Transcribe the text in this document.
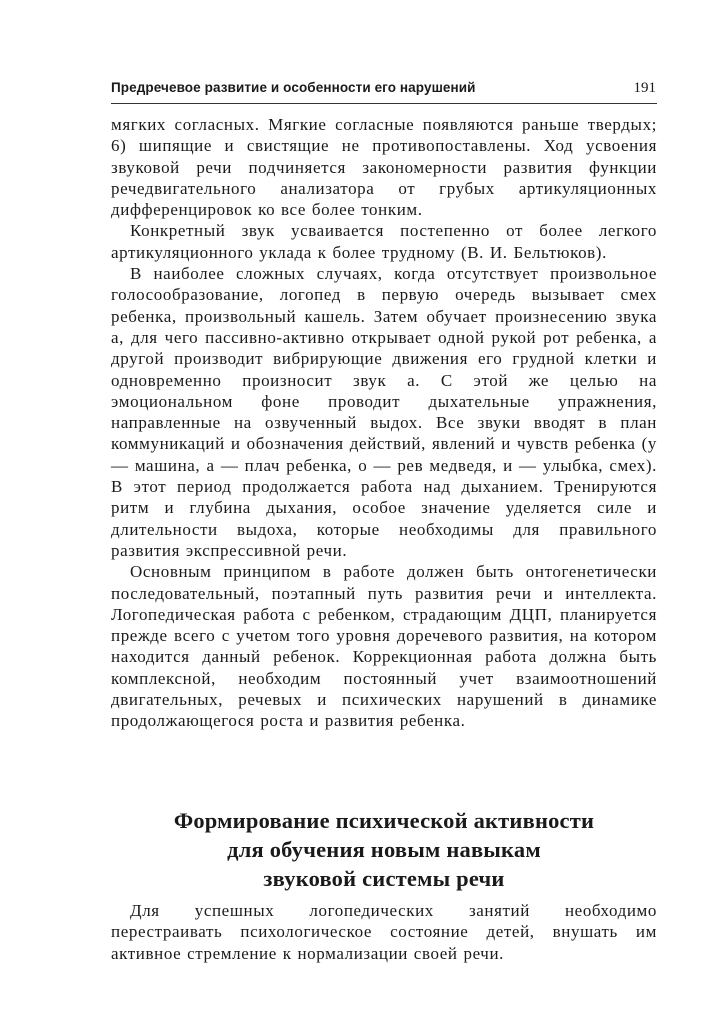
Предречевое развитие и особенности его нарушений	191

мягких согласных. Мягкие согласные появляются раньше твердых; 6) шипящие и свистящие не противопоставлены. Ход усвоения звуковой речи подчиняется закономерности развития функции речедвигательного анализатора от грубых артикуляционных дифференцировок ко все более тонким.

Конкретный звук усваивается постепенно от более легкого артикуляционного уклада к более трудному (В. И. Бельтюков).

В наиболее сложных случаях, когда отсутствует произвольное голосообразование, логопед в первую очередь вызывает смех ребенка, произвольный кашель. Затем обучает произнесению звука а, для чего пассивно-активно открывает одной рукой рот ребенка, а другой производит вибрирующие движения его грудной клетки и одновременно произносит звук а. С этой же целью на эмоциональном фоне проводит дыхательные упражнения, направленные на озвученный выдох. Все звуки вводят в план коммуникаций и обозначения действий, явлений и чувств ребенка (у — машина, а — плач ребенка, о — рев медведя, и — улыбка, смех). В этот период продолжается работа над дыханием. Тренируются ритм и глубина дыхания, особое значение уделяется силе и длительности выдоха, которые необходимы для правильного развития экспрессивной речи.

Основным принципом в работе должен быть онтогенетически последовательный, поэтапный путь развития речи и интеллекта. Логопедическая работа с ребенком, страдающим ДЦП, планируется прежде всего с учетом того уровня доречевого развития, на котором находится данный ребенок. Коррекционная работа должна быть комплексной, необходим постоянный учет взаимоотношений двигательных, речевых и психических нарушений в динамике продолжающегося роста и развития ребенка.

Формирование психической активности
для обучения новым навыкам
звуковой системы речи

Для успешных логопедических занятий необходимо перестраивать психологическое состояние детей, внушать им активное стремление к нормализации своей речи.
